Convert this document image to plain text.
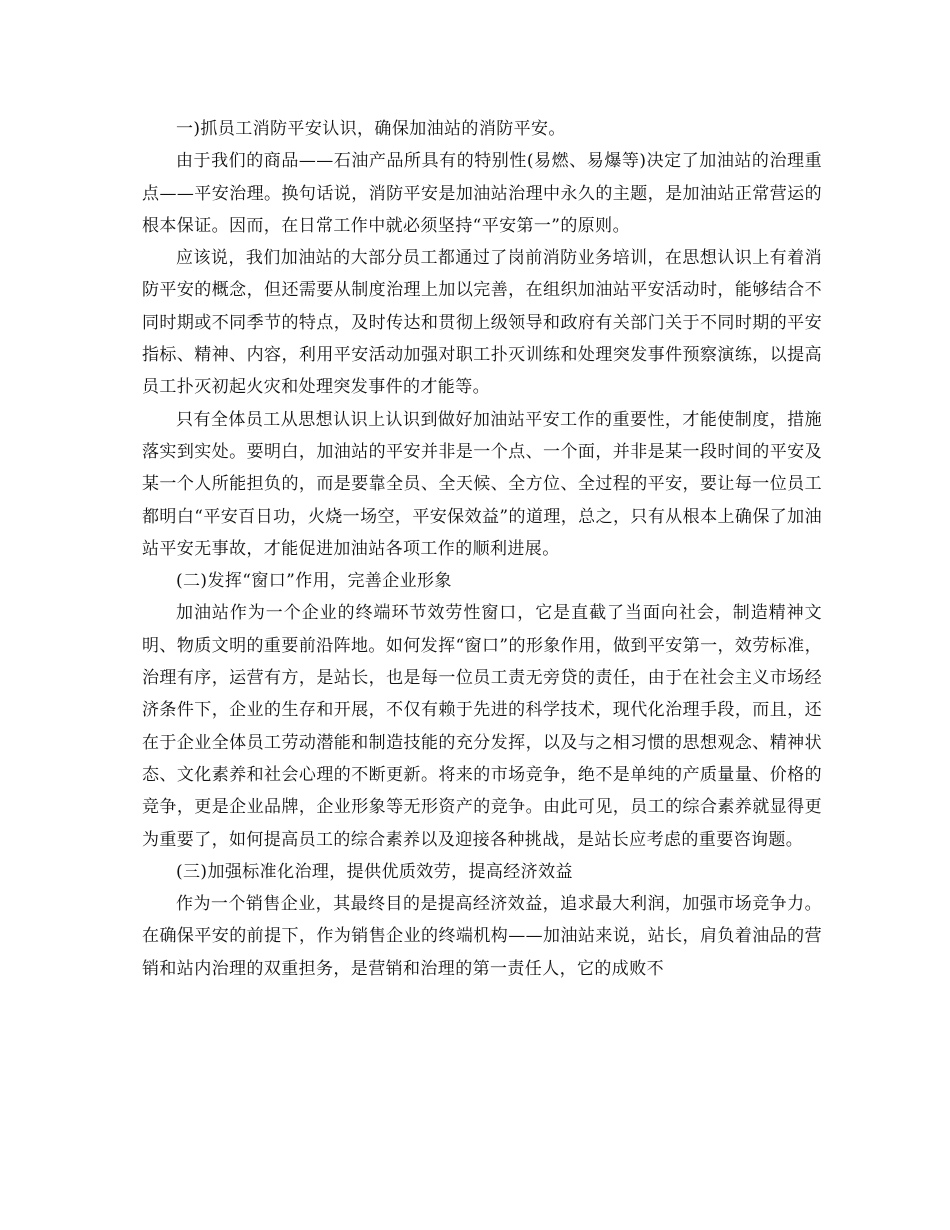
一)抓员工消防平安认识，确保加油站的消防平安。

由于我们的商品——石油产品所具有的特别性(易燃、易爆等)决定了加油站的治理重点——平安治理。换句话说，消防平安是加油站治理中永久的主题，是加油站正常营运的根本保证。因而，在日常工作中就必须坚持“平安第一”的原则。

应该说，我们加油站的大部分员工都通过了岗前消防业务培训，在思想认识上有着消防平安的概念，但还需要从制度治理上加以完善，在组织加油站平安活动时，能够结合不同时期或不同季节的特点，及时传达和贯彻上级领导和政府有关部门关于不同时期的平安指标、精神、内容，利用平安活动加强对职工扑灭训练和处理突发事件预察演练，以提高员工扑灭初起火灾和处理突发事件的才能等。

只有全体员工从思想认识上认识到做好加油站平安工作的重要性，才能使制度，措施落实到实处。要明白，加油站的平安并非是一个点、一个面，并非是某一段时间的平安及某一个人所能担负的，而是要靠全员、全天候、全方位、全过程的平安，要让每一位员工都明白“平安百日功，火烧一场空，平安保效益”的道理，总之，只有从根本上确保了加油站平安无事故，才能促进加油站各项工作的顺利进展。

(二)发挥“窗口”作用，完善企业形象

加油站作为一个企业的终端环节效劳性窗口，它是直截了当面向社会，制造精神文明、物质文明的重要前沿阵地。如何发挥“窗口”的形象作用，做到平安第一，效劳标准，治理有序，运营有方，是站长，也是每一位员工责无旁贷的责任，由于在社会主义市场经济条件下，企业的生存和开展，不仅有赖于先进的科学技术，现代化治理手段，而且，还在于企业全体员工劳动潜能和制造技能的充分发挥，以及与之相习惯的思想观念、精神状态、文化素养和社会心理的不断更新。将来的市场竞争，绝不是单纯的产质量量、价格的竞争，更是企业品牌，企业形象等无形资产的竞争。由此可见，员工的综合素养就显得更为重要了，如何提高员工的综合素养以及迎接各种挑战，是站长应考虑的重要咨询题。

(三)加强标准化治理，提供优质效劳，提高经济效益

作为一个销售企业，其最终目的是提高经济效益，追求最大利润，加强市场竞争力。在确保平安的前提下，作为销售企业的终端机构——加油站来说，站长，肩负着油品的营销和站内治理的双重担务，是营销和治理的第一责任人，它的成败不
